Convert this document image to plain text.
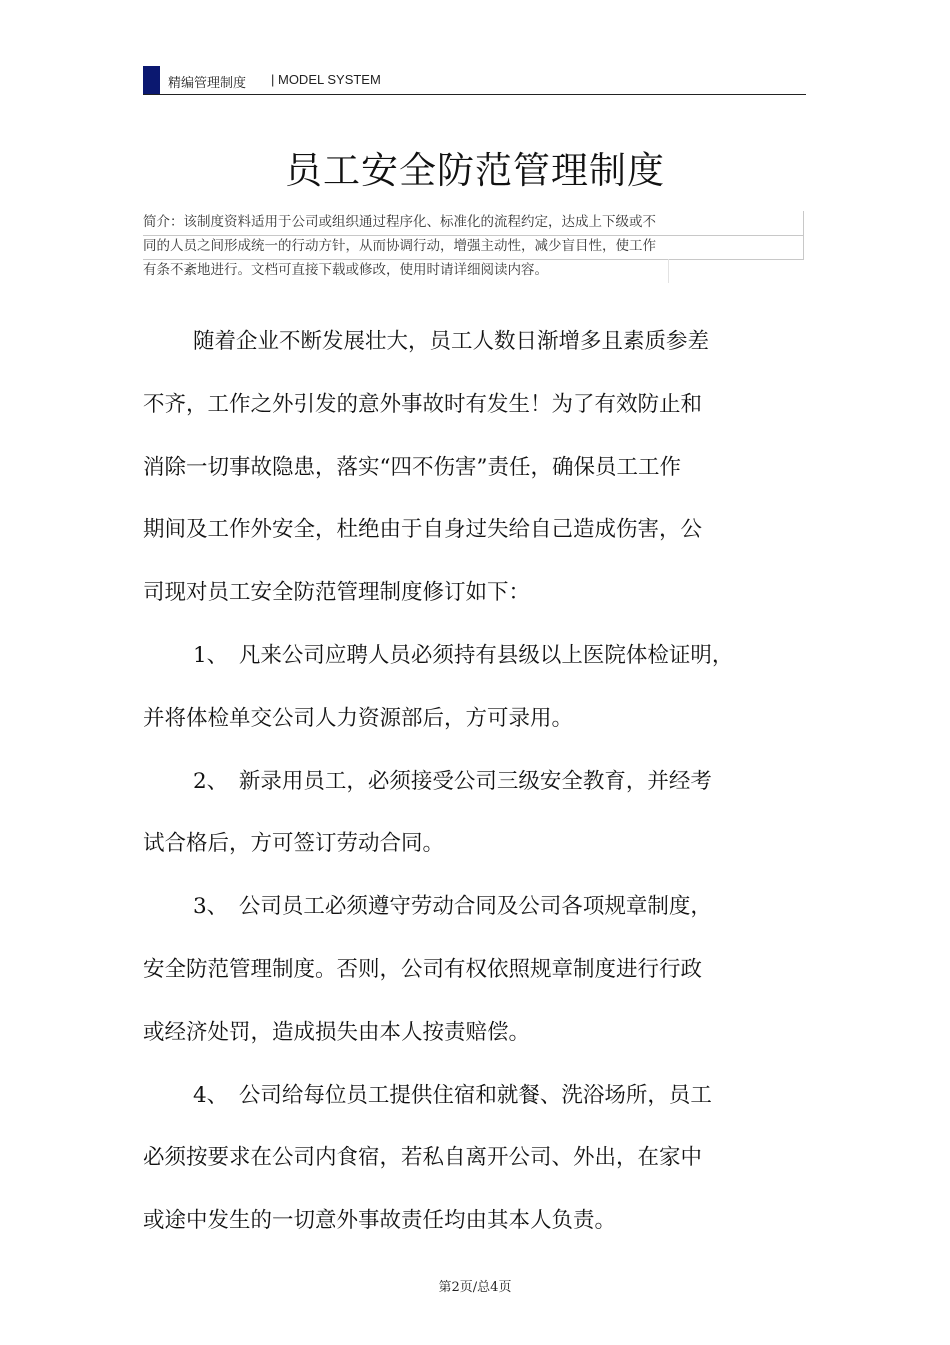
精编管理制度 | MODEL SYSTEM
员工安全防范管理制度
简介：该制度资料适用于公司或组织通过程序化、标准化的流程约定，达成上下级或不
同的人员之间形成统一的行动方针，从而协调行动，增强主动性，减少盲目性，使工作
有条不紊地进行。文档可直接下载或修改，使用时请详细阅读内容。
随着企业不断发展壮大，员工人数日渐增多且素质参差
不齐，工作之外引发的意外事故时有发生！为了有效防止和
消除一切事故隐患，落实“四不伤害”责任，确保员工工作
期间及工作外安全，杜绝由于自身过失给自己造成伤害，公
司现对员工安全防范管理制度修订如下：
1、　凡来公司应聘人员必须持有县级以上医院体检证明，
并将体检单交公司人力资源部后，方可录用。
2、　新录用员工，必须接受公司三级安全教育，并经考
试合格后，方可签订劳动合同。
3、　公司员工必须遵守劳动合同及公司各项规章制度，
安全防范管理制度。否则，公司有权依照规章制度进行行政
或经济处罚，造成损失由本人按责赔偿。
4、　公司给每位员工提供住宿和就餐、洗浴场所，员工
必须按要求在公司内食宿，若私自离开公司、外出，在家中
或途中发生的一切意外事故责任均由其本人负责。
第2页/总4页
